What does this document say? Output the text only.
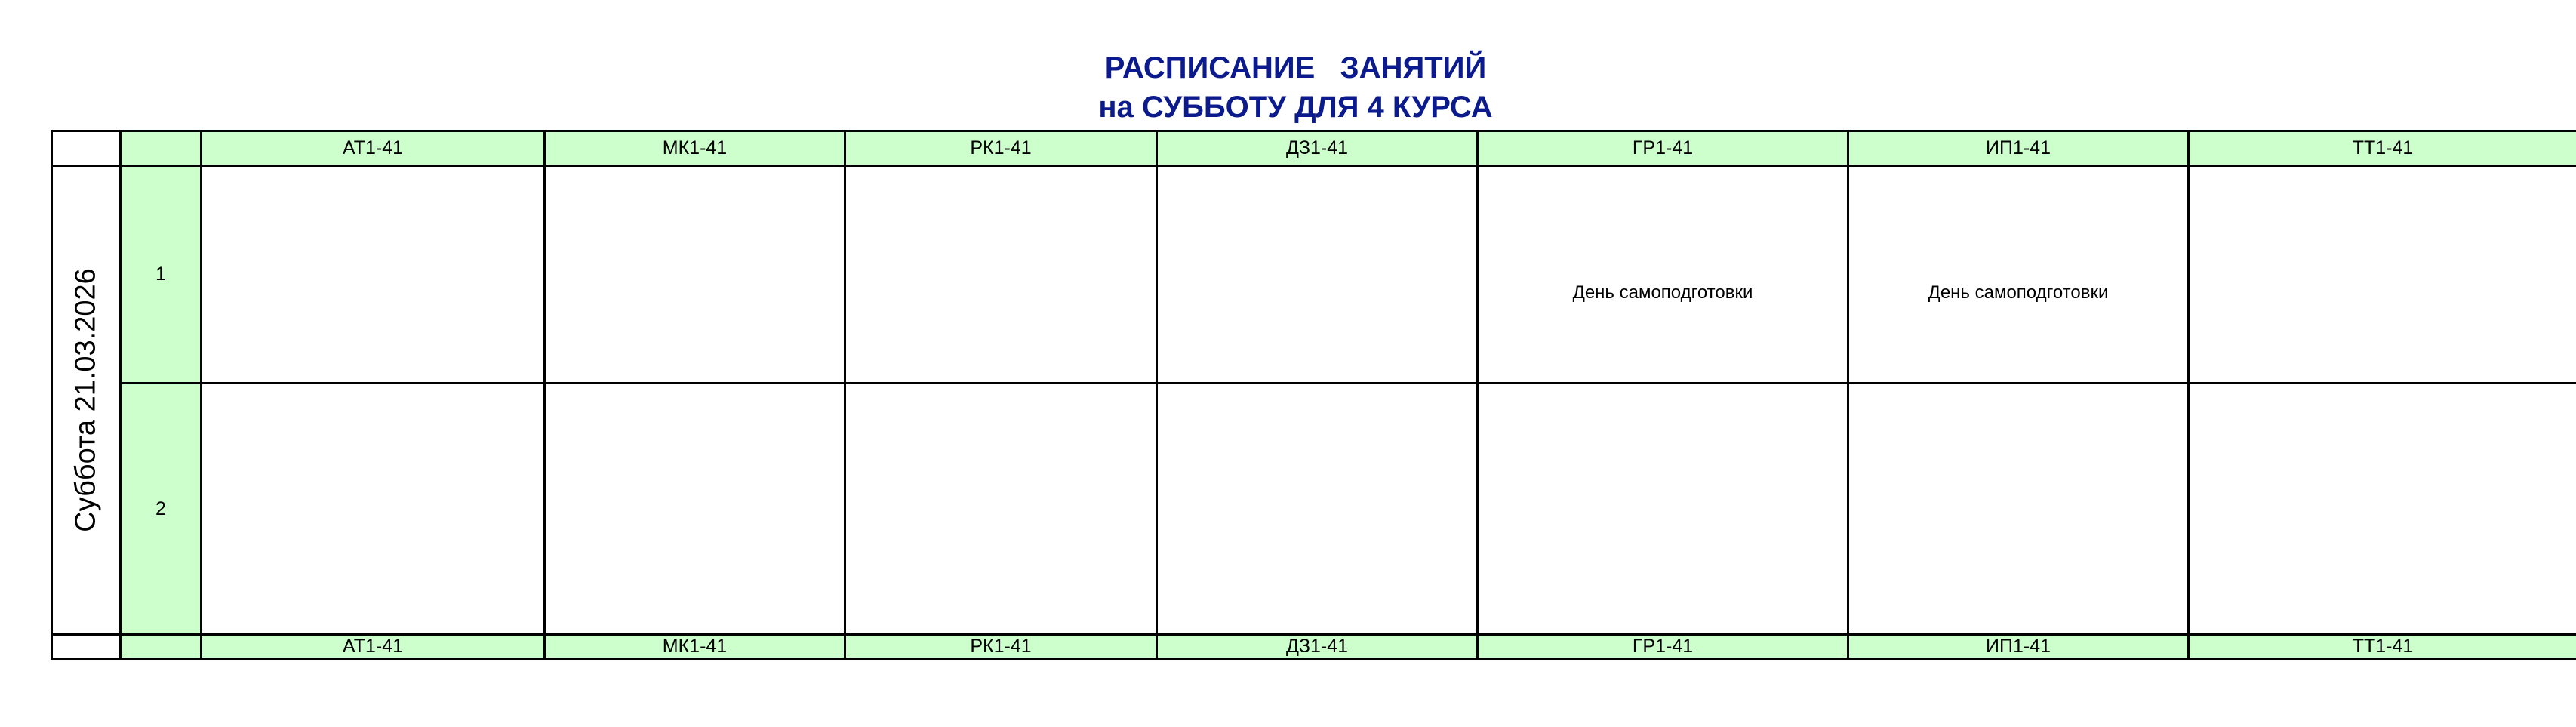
РАСПИСАНИЕ   ЗАНЯТИЙ
на СУББОТУ ДЛЯ 4 КУРСА
		АТ1-41	МК1-41	РК1-41	ДЗ1-41	ГР1-41	ИП1-41	ТТ1-41

Суббота 21.03.2026	1					День самоподготовки	День самоподготовки	

	2	

		АТ1-41	МК1-41	РК1-41	ДЗ1-41	ГР1-41	ИП1-41	ТТ1-41
